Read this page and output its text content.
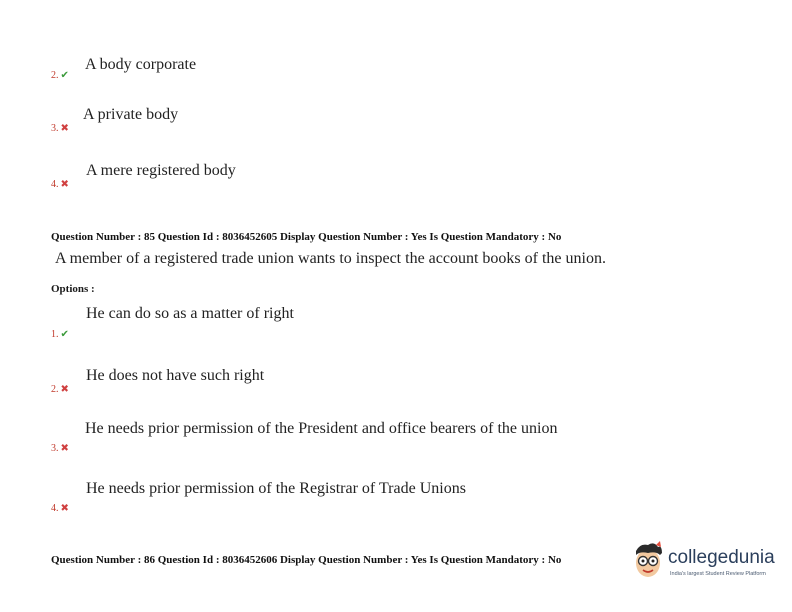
2. ✔
A body corporate
3. ✖
A private body
4. ✖
A mere registered body
Question Number : 85 Question Id : 8036452605 Display Question Number : Yes Is Question Mandatory : No
A member of a registered trade union wants to inspect the account books of the union.
Options :
1. ✔
He can do so as a matter of right
2. ✖
He does not have such right
3. ✖
He needs prior permission of the President and office bearers of the union
4. ✖
He needs prior permission of the Registrar of Trade Unions
Question Number : 86 Question Id : 8036452606 Display Question Number : Yes Is Question Mandatory : No	collegedunia
India's largest Student Review Platform
